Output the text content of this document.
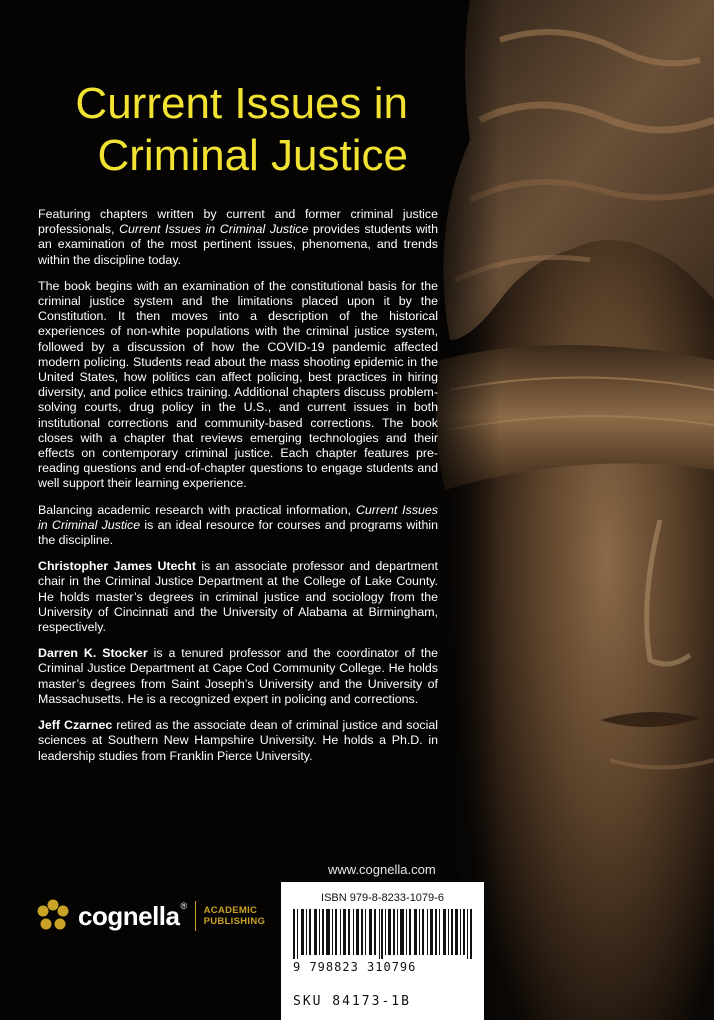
Current Issues in
Criminal Justice

Featuring chapters written by current and former criminal justice professionals, Current Issues in Criminal Justice provides students with an examination of the most pertinent issues, phenomena, and trends within the discipline today.

The book begins with an examination of the constitutional basis for the criminal justice system and the limitations placed upon it by the Constitution. It then moves into a description of the historical experiences of non-white populations with the criminal justice system, followed by a discussion of how the COVID-19 pandemic affected modern policing. Students read about the mass shooting epidemic in the United States, how politics can affect policing, best practices in hiring diversity, and police ethics training. Additional chapters discuss problem-solving courts, drug policy in the U.S., and current issues in both institutional corrections and community-based corrections. The book closes with a chapter that reviews emerging technologies and their effects on contemporary criminal justice. Each chapter features pre-reading questions and end-of-chapter questions to engage students and well support their learning experience.

Balancing academic research with practical information, Current Issues in Criminal Justice is an ideal resource for courses and programs within the discipline.

Christopher James Utecht is an associate professor and department chair in the Criminal Justice Department at the College of Lake County. He holds master’s degrees in criminal justice and sociology from the University of Cincinnati and the University of Alabama at Birmingham, respectively.

Darren K. Stocker is a tenured professor and the coordinator of the Criminal Justice Department at Cape Cod Community College. He holds master’s degrees from Saint Joseph’s University and the University of Massachusetts. He is a recognized expert in policing and corrections.

Jeff Czarnec retired as the associate dean of criminal justice and social sciences at Southern New Hampshire University. He holds a Ph.D. in leadership studies from Franklin Pierce University.

www.cognella.com
cognella® ACADEMIC
PUBLISHING
ISBN 979-8-8233-1079-6
9 798823 310796
SKU 84173-1B
